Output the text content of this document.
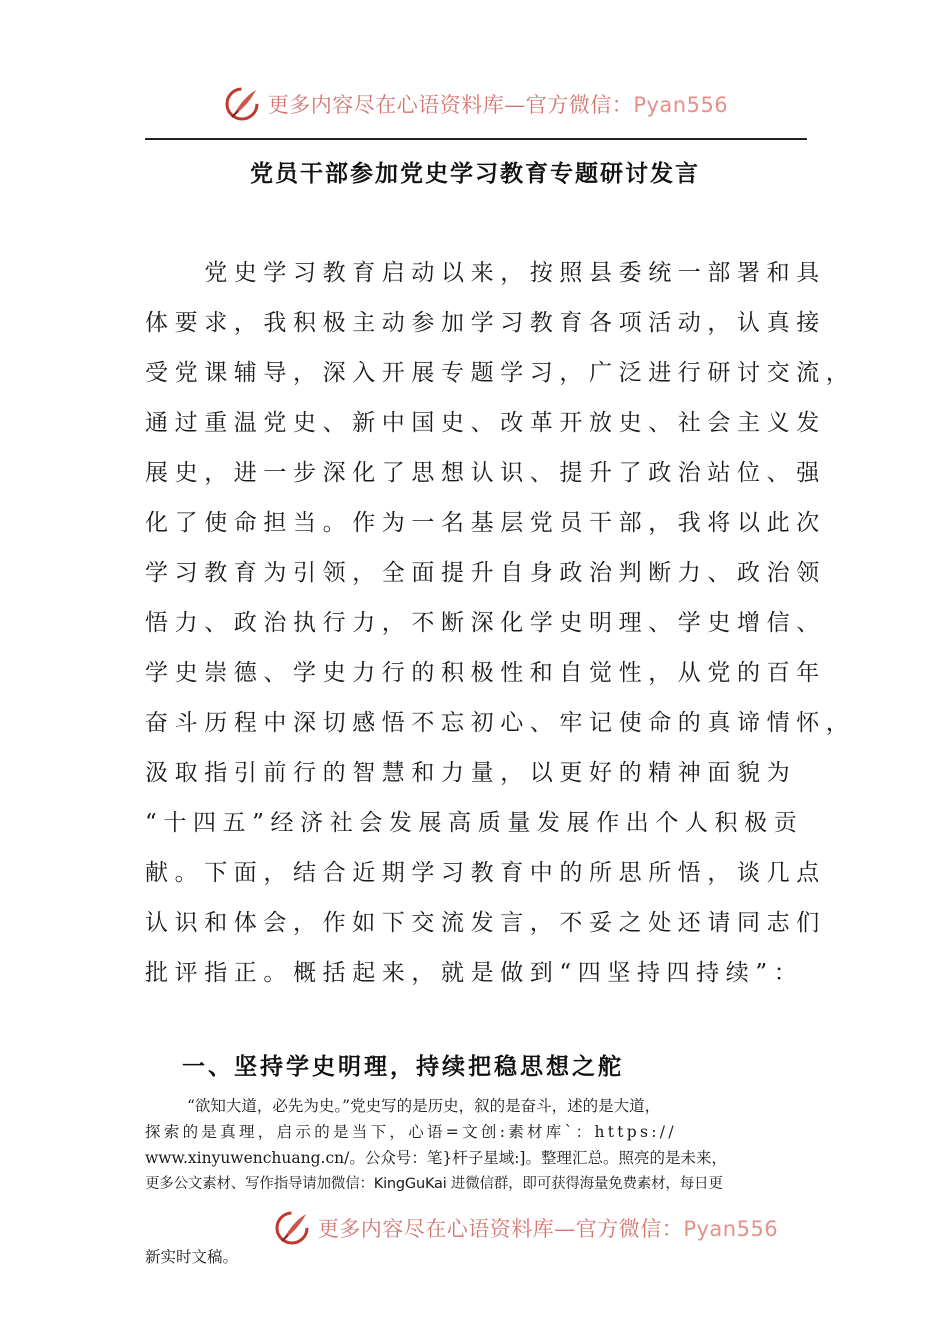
更多内容尽在心语资料库—官方微信：Pyan556
党员干部参加党史学习教育专题研讨发言
　　党史学习教育启动以来，按照县委统一部署和具
体要求，我积极主动参加学习教育各项活动，认真接
受党课辅导，深入开展专题学习，广泛进行研讨交流，
通过重温党史、新中国史、改革开放史、社会主义发
展史，进一步深化了思想认识、提升了政治站位、强
化了使命担当。作为一名基层党员干部，我将以此次
学习教育为引领，全面提升自身政治判断力、政治领
悟力、政治执行力，不断深化学史明理、学史增信、
学史崇德、学史力行的积极性和自觉性，从党的百年
奋斗历程中深切感悟不忘初心、牢记使命的真谛情怀，
汲取指引前行的智慧和力量，以更好的精神面貌为
“十四五”经济社会发展高质量发展作出个人积极贡
献。下面，结合近期学习教育中的所思所悟，谈几点
认识和体会，作如下交流发言，不妥之处还请同志们
批评指正。概括起来，就是做到“四坚持四持续”：
一、坚持学史明理，持续把稳思想之舵
“欲知大道，必先为史。”党史写的是历史，叙的是奋斗，述的是大道，
探索的是真理，启示的是当下，心语=文创:素材库`：https://
www.xinyuwenchuang.cn/。公众号：笔}杆子星域:]。整理汇总。照亮的是未来，
更多公文素材、写作指导请加微信：KingGuKai 进微信群，即可获得海量免费素材，每日更
更多内容尽在心语资料库—官方微信：Pyan556
新实时文稿。
